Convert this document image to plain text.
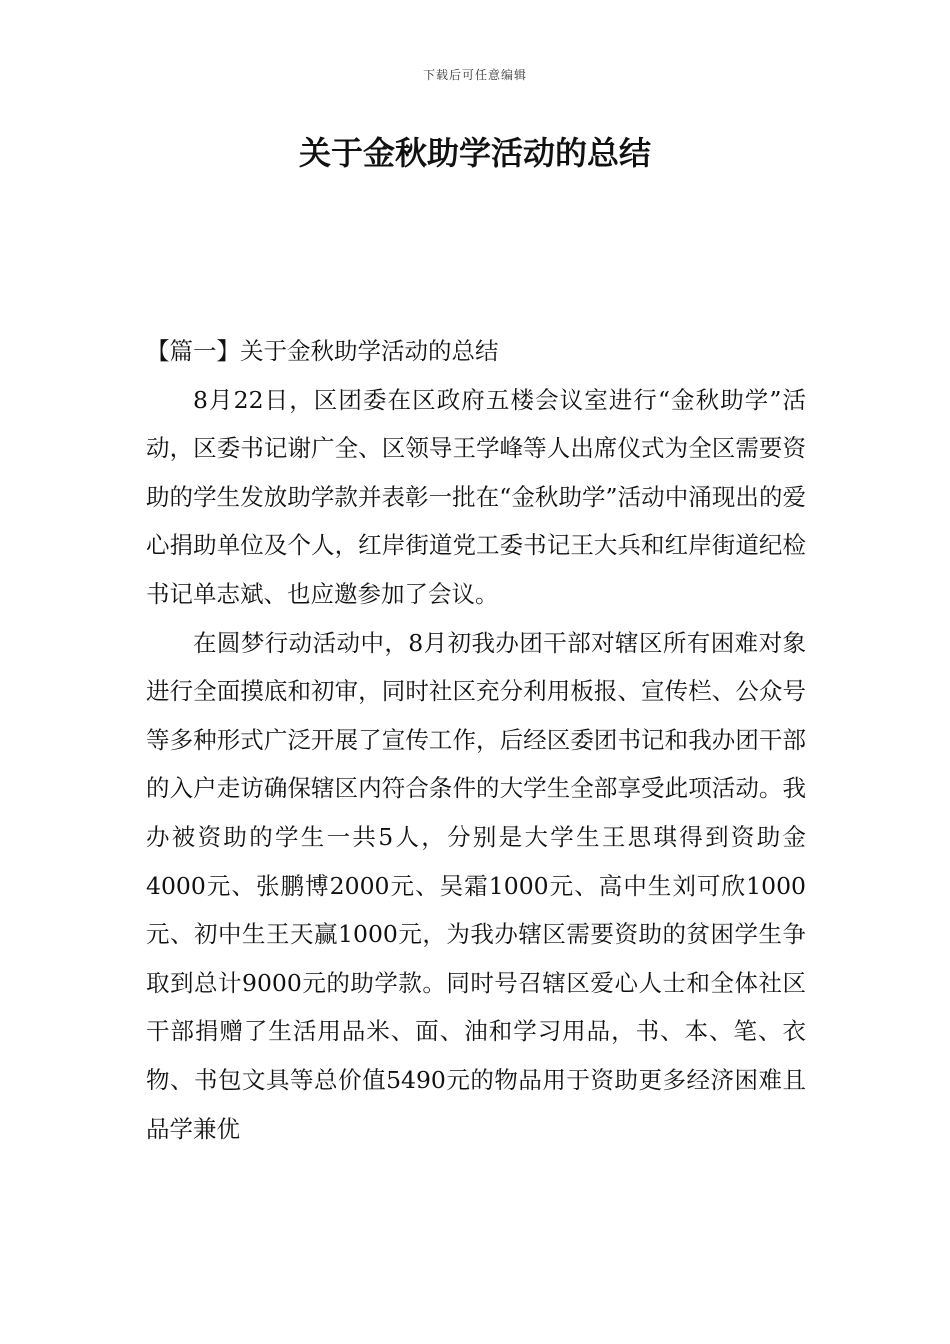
下载后可任意编辑
关于金秋助学活动的总结

【篇一】关于金秋助学活动的总结

8月22日，区团委在区政府五楼会议室进行“金秋助学”活动，区委书记谢广全、区领导王学峰等人出席仪式为全区需要资助的学生发放助学款并表彰一批在“金秋助学”活动中涌现出的爱心捐助单位及个人，红岸街道党工委书记王大兵和红岸街道纪检书记单志斌、也应邀参加了会议。

在圆梦行动活动中，8月初我办团干部对辖区所有困难对象进行全面摸底和初审，同时社区充分利用板报、宣传栏、公众号等多种形式广泛开展了宣传工作，后经区委团书记和我办团干部的入户走访确保辖区内符合条件的大学生全部享受此项活动。我办被资助的学生一共5人，分别是大学生王思琪得到资助金4000元、张鹏博2000元、吴霜1000元、高中生刘可欣1000元、初中生王天赢1000元，为我办辖区需要资助的贫困学生争取到总计9000元的助学款。同时号召辖区爱心人士和全体社区干部捐赠了生活用品米、面、油和学习用品，书、本、笔、衣物、书包文具等总价值5490元的物品用于资助更多经济困难且品学兼优
